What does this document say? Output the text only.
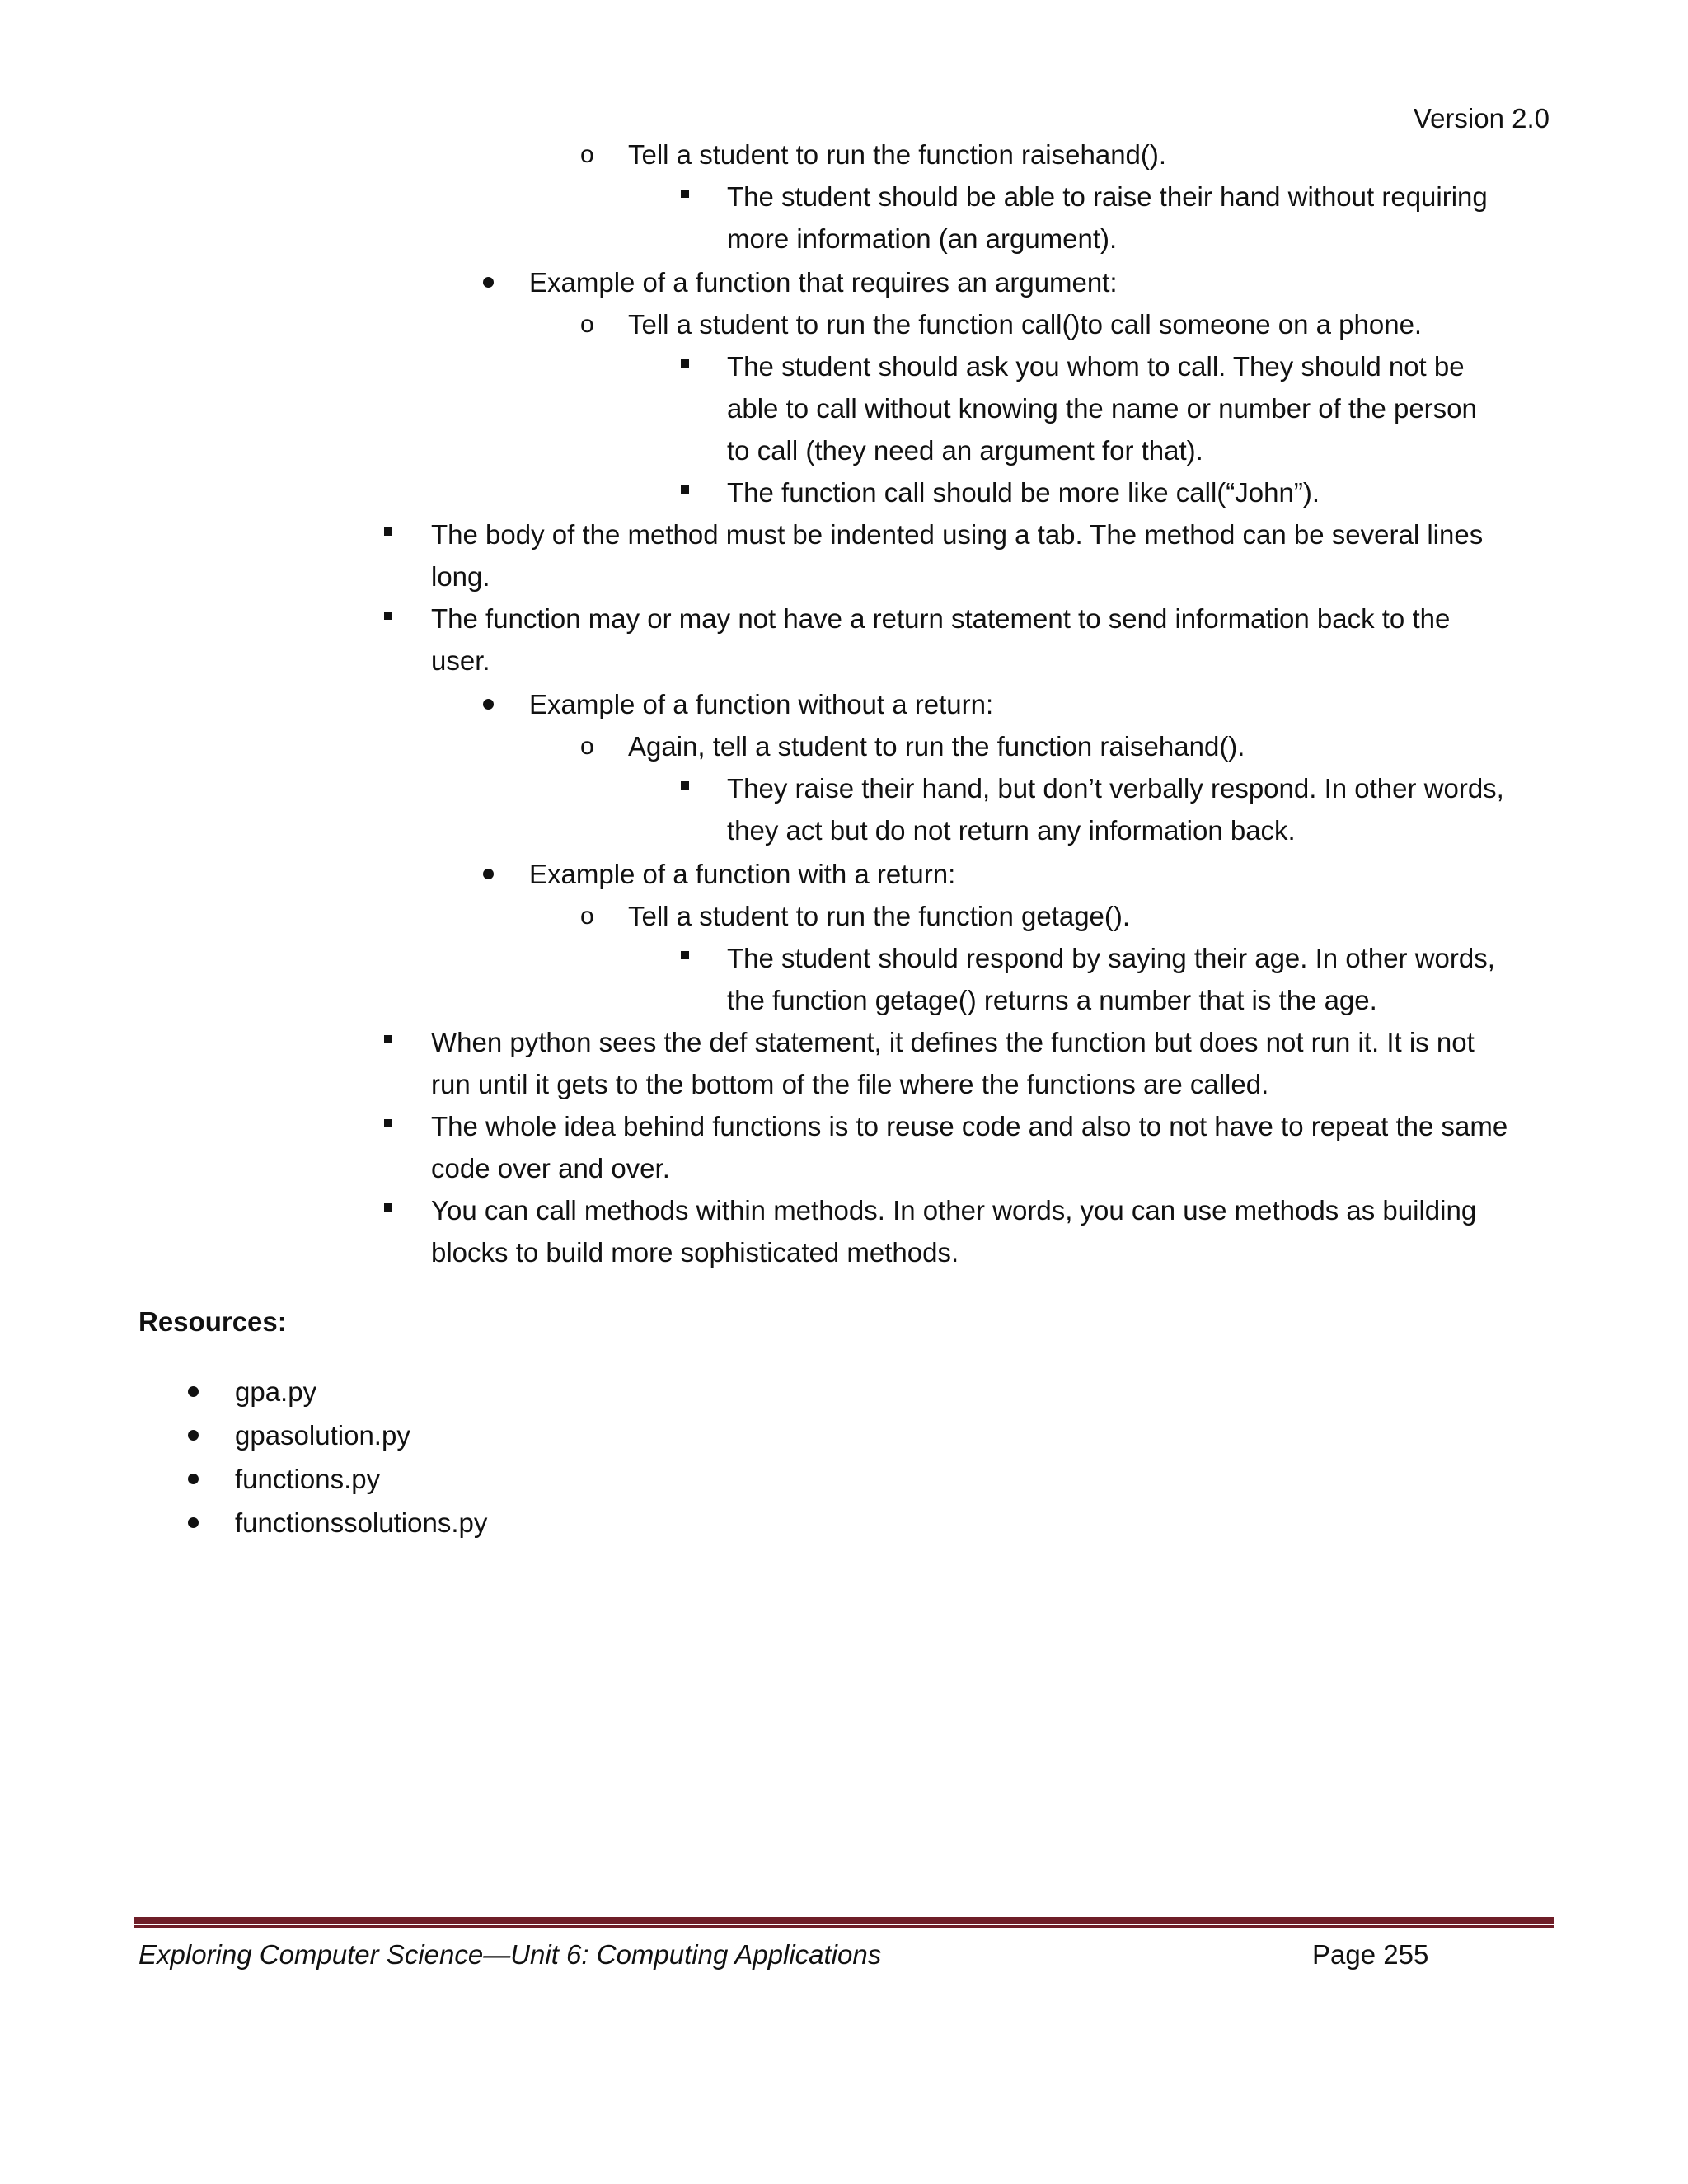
Version 2.0
o Tell a student to run the function raisehand().
The student should be able to raise their hand without requiring
more information (an argument).
Example of a function that requires an argument:
o Tell a student to run the function call()to call someone on a phone.
The student should ask you whom to call. They should not be
able to call without knowing the name or number of the person
to call (they need an argument for that).
The function call should be more like call(“John”).
The body of the method must be indented using a tab. The method can be several lines
long.
The function may or may not have a return statement to send information back to the
user.
Example of a function without a return:
o Again, tell a student to run the function raisehand().
They raise their hand, but don’t verbally respond. In other words,
they act but do not return any information back.
Example of a function with a return:
o Tell a student to run the function getage().
The student should respond by saying their age. In other words,
the function getage() returns a number that is the age.
When python sees the def statement, it defines the function but does not run it. It is not
run until it gets to the bottom of the file where the functions are called.
The whole idea behind functions is to reuse code and also to not have to repeat the same
code over and over.
You can call methods within methods. In other words, you can use methods as building
blocks to build more sophisticated methods.
Resources:
gpa.py
gpasolution.py
functions.py
functionssolutions.py
Exploring Computer Science—Unit 6: Computing Applications	Page 255
